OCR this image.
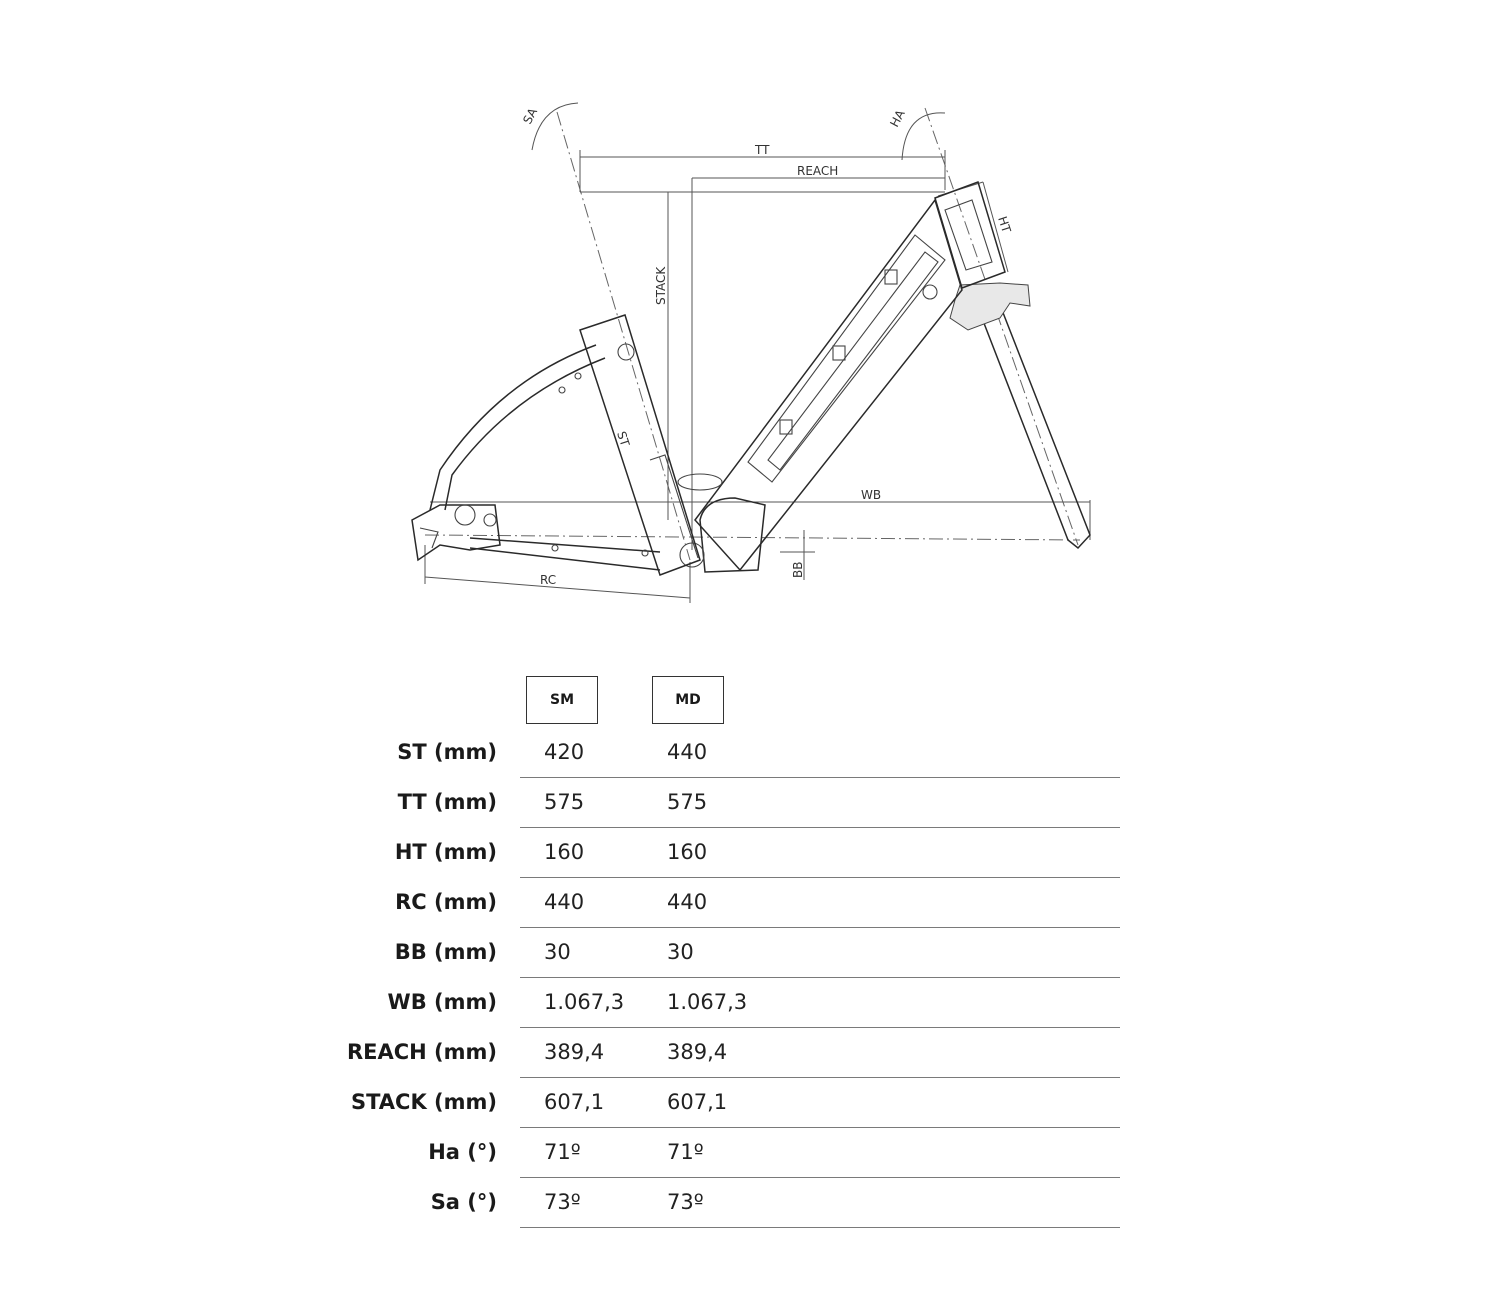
SA	HA
TT
REACH
HT
STACK
ST
WB
RC
BB
SM	MD
ST (mm) 420	440
TT (mm) 575	575
HT (mm) 160	160
RC (mm) 440	440
BB (mm) 30	30
WB (mm) 1.067,3 1.067,3
REACH (mm) 389,4	389,4
STACK (mm) 607,1	607,1
Ha (°) 71º	71º
Sa (°) 73º	73º
